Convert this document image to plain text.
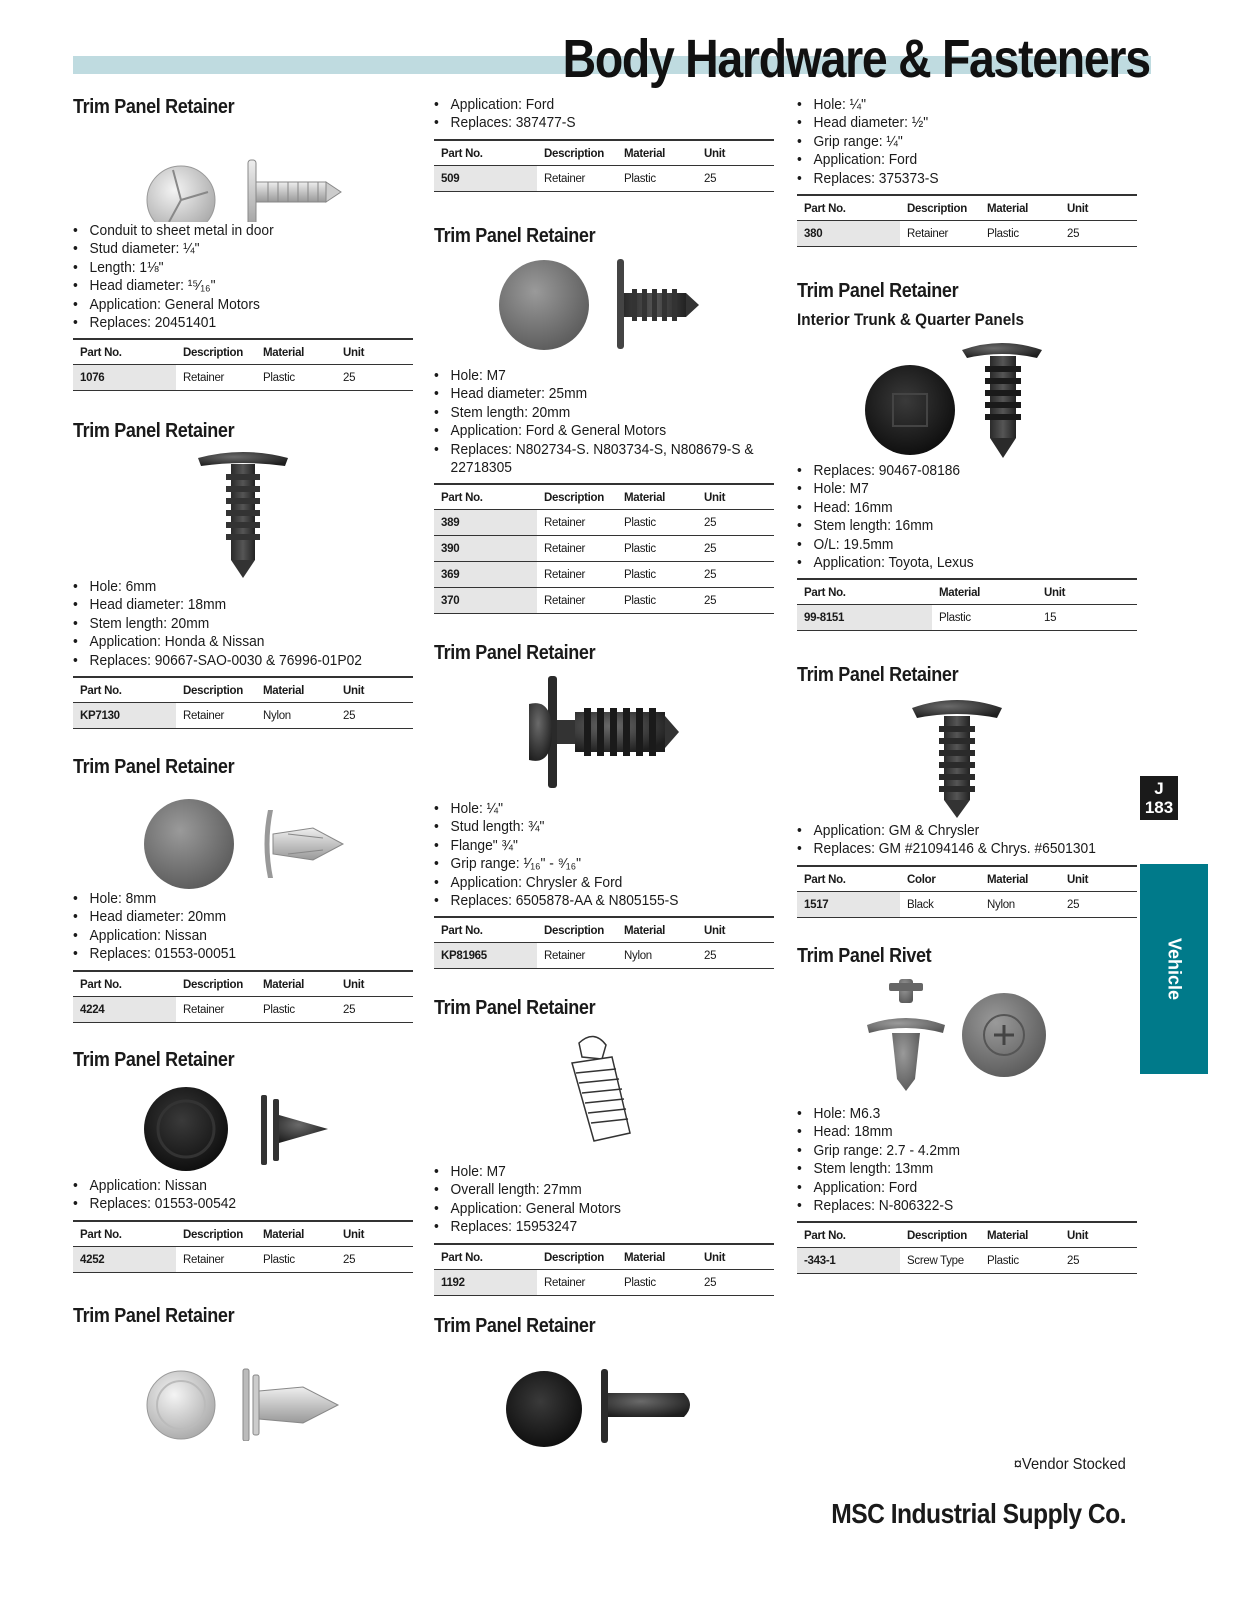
Body Hardware & Fasteners
Trim Panel Retainer
• Conduit to sheet metal in door
• Stud diameter: ¼"
• Length: 1⅛"
• Head diameter: ¹⁵⁄₁₆"
• Application: General Motors
• Replaces: 20451401
Part No.	Description	Material	Unit
1076	Retainer	Plastic	25
Trim Panel Retainer
• Hole: 6mm
• Head diameter: 18mm
• Stem length: 20mm
• Application: Honda & Nissan
• Replaces: 90667-SAO-0030 & 76996-01P02
Part No.	Description	Material	Unit
KP7130	Retainer	Nylon	25
Trim Panel Retainer
• Hole: 8mm
• Head diameter: 20mm
• Application: Nissan
• Replaces: 01553-00051
Part No.	Description	Material	Unit
4224	Retainer	Plastic	25
Trim Panel Retainer
• Application: Nissan
• Replaces: 01553-00542
Part No.	Description	Material	Unit
4252	Retainer	Plastic	25
Trim Panel Retainer
• Application: Ford
• Replaces: 387477-S
Part No.	Description	Material	Unit
509	Retainer	Plastic	25
Trim Panel Retainer
• Hole: M7
• Head diameter: 25mm
• Stem length: 20mm
• Application: Ford & General Motors
• Replaces: N802734-S. N803734-S, N808679-S &
22718305
Part No.	Description	Material	Unit
389	Retainer	Plastic	25
390	Retainer	Plastic	25
369	Retainer	Plastic	25
370	Retainer	Plastic	25
Trim Panel Retainer
• Hole: ¼"
• Stud length: ¾"
• Flange" ¾"
• Grip range: ¹⁄₁₆" - ⁹⁄₁₆"
• Application: Chrysler & Ford
• Replaces: 6505878-AA & N805155-S
Part No.	Description	Material	Unit
KP81965	Retainer	Nylon	25
Trim Panel Retainer
• Hole: M7
• Overall length: 27mm
• Application: General Motors
• Replaces: 15953247
Part No.	Description	Material	Unit
1192	Retainer	Plastic	25
Trim Panel Retainer
• Hole: ¼"
• Head diameter: ½"
• Grip range: ¼"
• Application: Ford
• Replaces: 375373-S
Part No.	Description	Material	Unit
380	Retainer	Plastic	25
Trim Panel Retainer
Interior Trunk & Quarter Panels
• Replaces: 90467-08186
• Hole: M7
• Head: 16mm
• Stem length: 16mm
• O/L: 19.5mm
• Application: Toyota, Lexus
Part No.	Material	Unit
99-8151	Plastic	15
Trim Panel Retainer
• Application: GM & Chrysler
• Replaces: GM #21094146 & Chrys. #6501301
Part No.	Color	Material	Unit
1517	Black	Nylon	25
Trim Panel Rivet
• Hole: M6.3
• Head: 18mm
• Grip range: 2.7 - 4.2mm
• Stem length: 13mm
• Application: Ford
• Replaces: N-806322-S
Part No.	Description	Material	Unit
-343-1	Screw Type	Plastic	25
J
183
Vehicle
¤Vendor Stocked
MSC Industrial Supply Co.
